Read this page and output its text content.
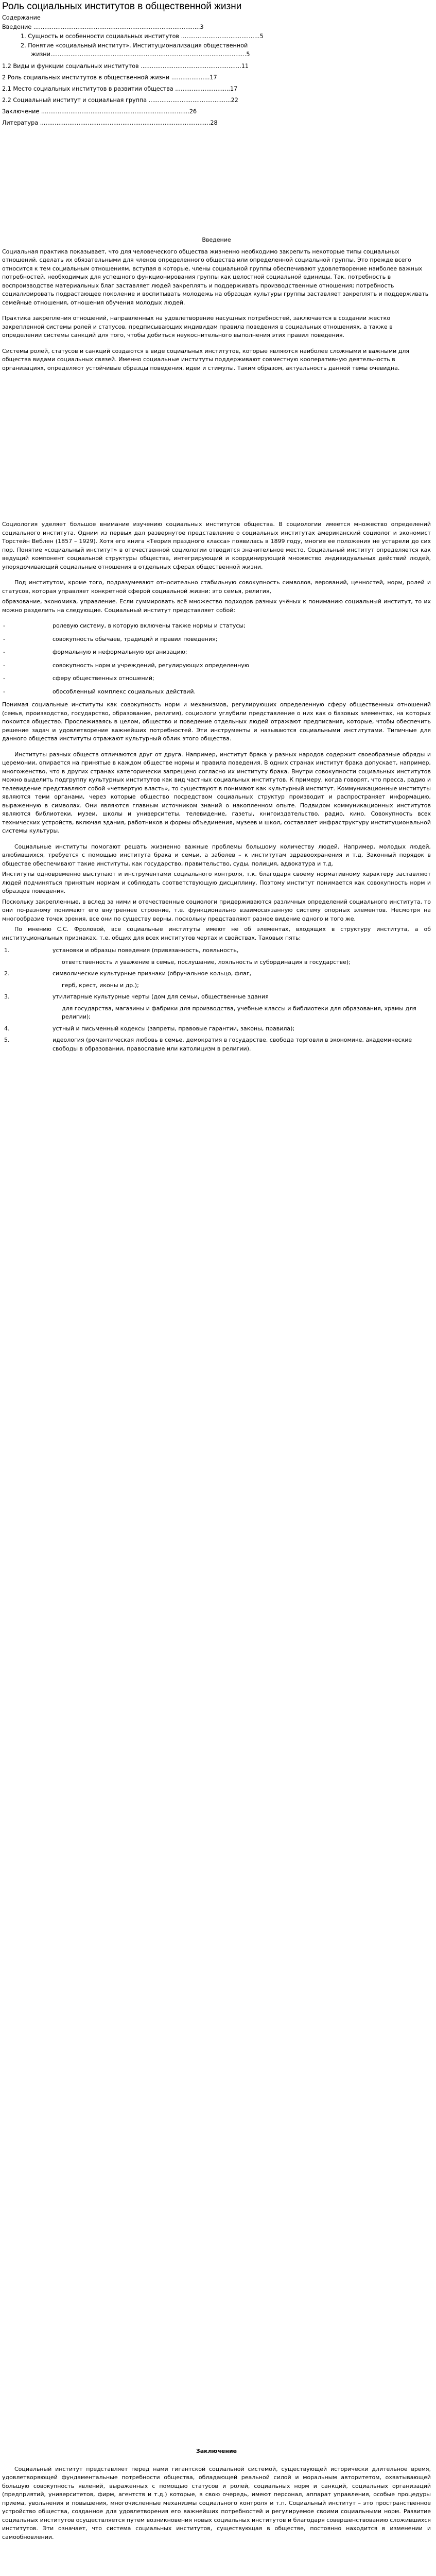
Роль социальных институтов в общественной жизни
Содержание
Введение ...........................................................................................3
1. Сущность и особенности социальных институтов ...........................................5
2. Понятие «социальный институт». Институционализация общественной
жизни...........................................................................................................5
1.2 Виды и функции социальных институтов .......................................................11
2 Роль социальных институтов в общественной жизни .....................17
2.1 Место социальных институтов в развитии общества ..............................17
2.2 Социальный институт и социальная группа .............................................22
Заключение .................................................................................26
Литература .............................................................................................28

Введение

Социальная практика показывает, что для человеческого общества жизненно необходимо закрепить некоторые типы социальных отношений, сделать их обязательными для членов определенного общества или определенной социальной группы. Это прежде всего относится к тем социальным отношениям, вступая в которые, члены социальной группы обеспечивают удовлетворение наиболее важных потребностей, необходимых для успешного функционирования группы как целостной социальной единицы. Так, потребность в воспроизводстве материальных благ заставляет людей закреплять и поддерживать производственные отношения; потребность социализировать подрастающее поколение и воспитывать молодежь на образцах культуры группы заставляет закреплять и поддерживать семейные отношения, отношения обучения молодых людей.

Практика закрепления отношений, направленных на удовлетворение насущных потребностей, заключается в создании жестко закрепленной системы ролей и статусов, предписывающих индивидам правила поведения в социальных отношениях, а также в определении системы санкций для того, чтобы добиться неукоснительного выполнения этих правил поведения.

Системы ролей, статусов и санкций создаются в виде социальных институтов, которые являются наиболее сложными и важными для общества видами социальных связей. Именно социальные институты поддерживают совместную кооперативную деятельность в организациях, определяют устойчивые образцы поведения, идеи и стимулы. Таким образом, актуальность данной темы очевидна.

Социология уделяет большое внимание изучению социальных институтов общества. В социологии имеется множество определений социального института. Одним из первых дал развернутое представление о социальных институтах американский социолог и экономист Торстейн Веблен (1857 – 1929). Хотя его книга «Теория праздного класса» появилась в 1899 году, многие ее положения не устарели до сих пор. Понятие «социальный институт» в отечественной социологии отводится значительное место. Социальный институт определяется как ведущий компонент социальной структуры общества, интегрирующий и координирующий множество индивидуальных действий людей, упорядочивающий социальные отношения в отдельных сферах общественной жизни.

Под институтом, кроме того, подразумевают относительно стабильную совокупность символов, верований, ценностей, норм, ролей и статусов, которая управляет конкретной сферой социальной жизни: это семья, религия,

образование, экономика, управление. Если суммировать всё множество подходов разных учёных к пониманию социальный институт, то их можно разделить на следующие. Социальный институт представляет собой:

-	ролевую систему, в которую включены также нормы и статусы;
-	совокупность обычаев, традиций и правил поведения;
-	формальную и неформальную организацию;
-	совокупность норм и учреждений, регулирующих определенную
-	сферу общественных отношений;
-	обособленный комплекс социальных действий.

Понимая социальные институты как совокупность норм и механизмов, регулирующих определенную сферу общественных отношений (семья, производство, государство, образование, религия), социологи углубили представление о них как о базовых элементах, на которых покоится общество. Прослеживаясь в целом, общество и поведение отдельных людей отражают предписания, которые, чтобы обеспечить решение задач и удовлетворение важнейших потребностей. Эти инструменты и называются социальными институтами. Типичные для данного общества институты отражают культурный облик этого общества.

Институты разных обществ отличаются друг от друга. Например, институт брака у разных народов содержит своеобразные обряды и церемонии, опирается на принятые в каждом обществе нормы и правила поведения. В одних странах институт брака допускает, например, многоженство, что в других странах категорически запрещено согласно их институту брака. Внутри совокупности социальных институтов можно выделить подгруппу культурных институтов как вид частных социальных институтов. К примеру, когда говорят, что пресса, радио и телевидение представляют собой «четвертую власть», то существуют в понимают как культурный институт. Коммуникационные институты являются теми органами, через которые общество посредством социальных структур производит и распространяет информацию, выраженную в символах. Они являются главным источником знаний о накопленном опыте. Подвидом коммуникационных институтов являются библиотеки, музеи, школы и университеты, телевидение, газеты, книгоиздательство, радио, кино. Совокупность всех технических устройств, включая здания, работников и формы объединения, музеев и школ, составляет инфраструктуру институциональной системы культуры.

Социальные институты помогают решать жизненно важные проблемы большому количеству людей. Например, молодых людей, влюбившихся, требуется с помощью института брака и семьи, а заболев – к институтам здравоохранения и т.д. Законный порядок в обществе обеспечивают такие институты, как государство, правительство, суды, полиция, адвокатура и т.д.

Институты одновременно выступают и инструментами социального контроля, т.к. благодаря своему нормативному характеру заставляют людей подчиняться принятым нормам и соблюдать соответствующую дисциплину. Поэтому институт понимается как совокупность норм и образцов поведения.

Поскольку закрепленные, в вслед за ними и отечественные социологи придерживаются различных определений социального института, то они по-разному понимают его внутреннее строение, т.е. функционально взаимосвязанную систему опорных элементов. Несмотря на многообразие точек зрения, все они по существу верны, поскольку представляют разное видение одного и того же.

По мнению С.С. Фроловой, все социальные институты имеют не об элементах, входящих в структуру института, а об институциональных признаках, т.е. общих для всех институтов чертах и свойствах. Таковых пять:

1.	установки и образцы поведения (привязанность, лояльность,
ответственность и уважение в семье, послушание, лояльность и субординация в государстве);
2.	символические культурные признаки (обручальное кольцо, флаг,
герб, крест, иконы и др.);
3.	утилитарные культурные черты (дом для семьи, общественные здания
для государства, магазины и фабрики для производства, учебные классы и библиотеки для образования, храмы для религии);
4.	устный и письменный кодексы (запреты, правовые гарантии, законы, правила);
5.	идеология (романтическая любовь в семье, демократия в государстве, свобода торговли в экономике, академические свободы в образовании, православие или католицизм в религии).

Заключение

Социальный институт представляет перед нами гигантской социальной системой, существующей исторически длительное время, удовлетворяющей фундаментальные потребности общества, обладающей реальной силой и моральным авторитетом, охватывающей большую совокупность явлений, выраженных с помощью статусов и ролей, социальных норм и санкций, социальных организаций (предприятий, университетов, фирм, агентств и т.д.) которые, в свою очередь, имеют персонал, аппарат управления, особые процедуры приема, увольнения и повышения, многочисленные механизмы социального контроля и т.п. Социальный институт – это пространственное устройство общества, созданное для удовлетворения его важнейших потребностей и регулируемое своими социальными норм. Развитие социальных институтов осуществляется путем возникновения новых социальных институтов и благодаря совершенствованию сложившихся институтов. Эти означает, что система социальных институтов, существующая в обществе, постоянно находится в изменении и самообновлении.
